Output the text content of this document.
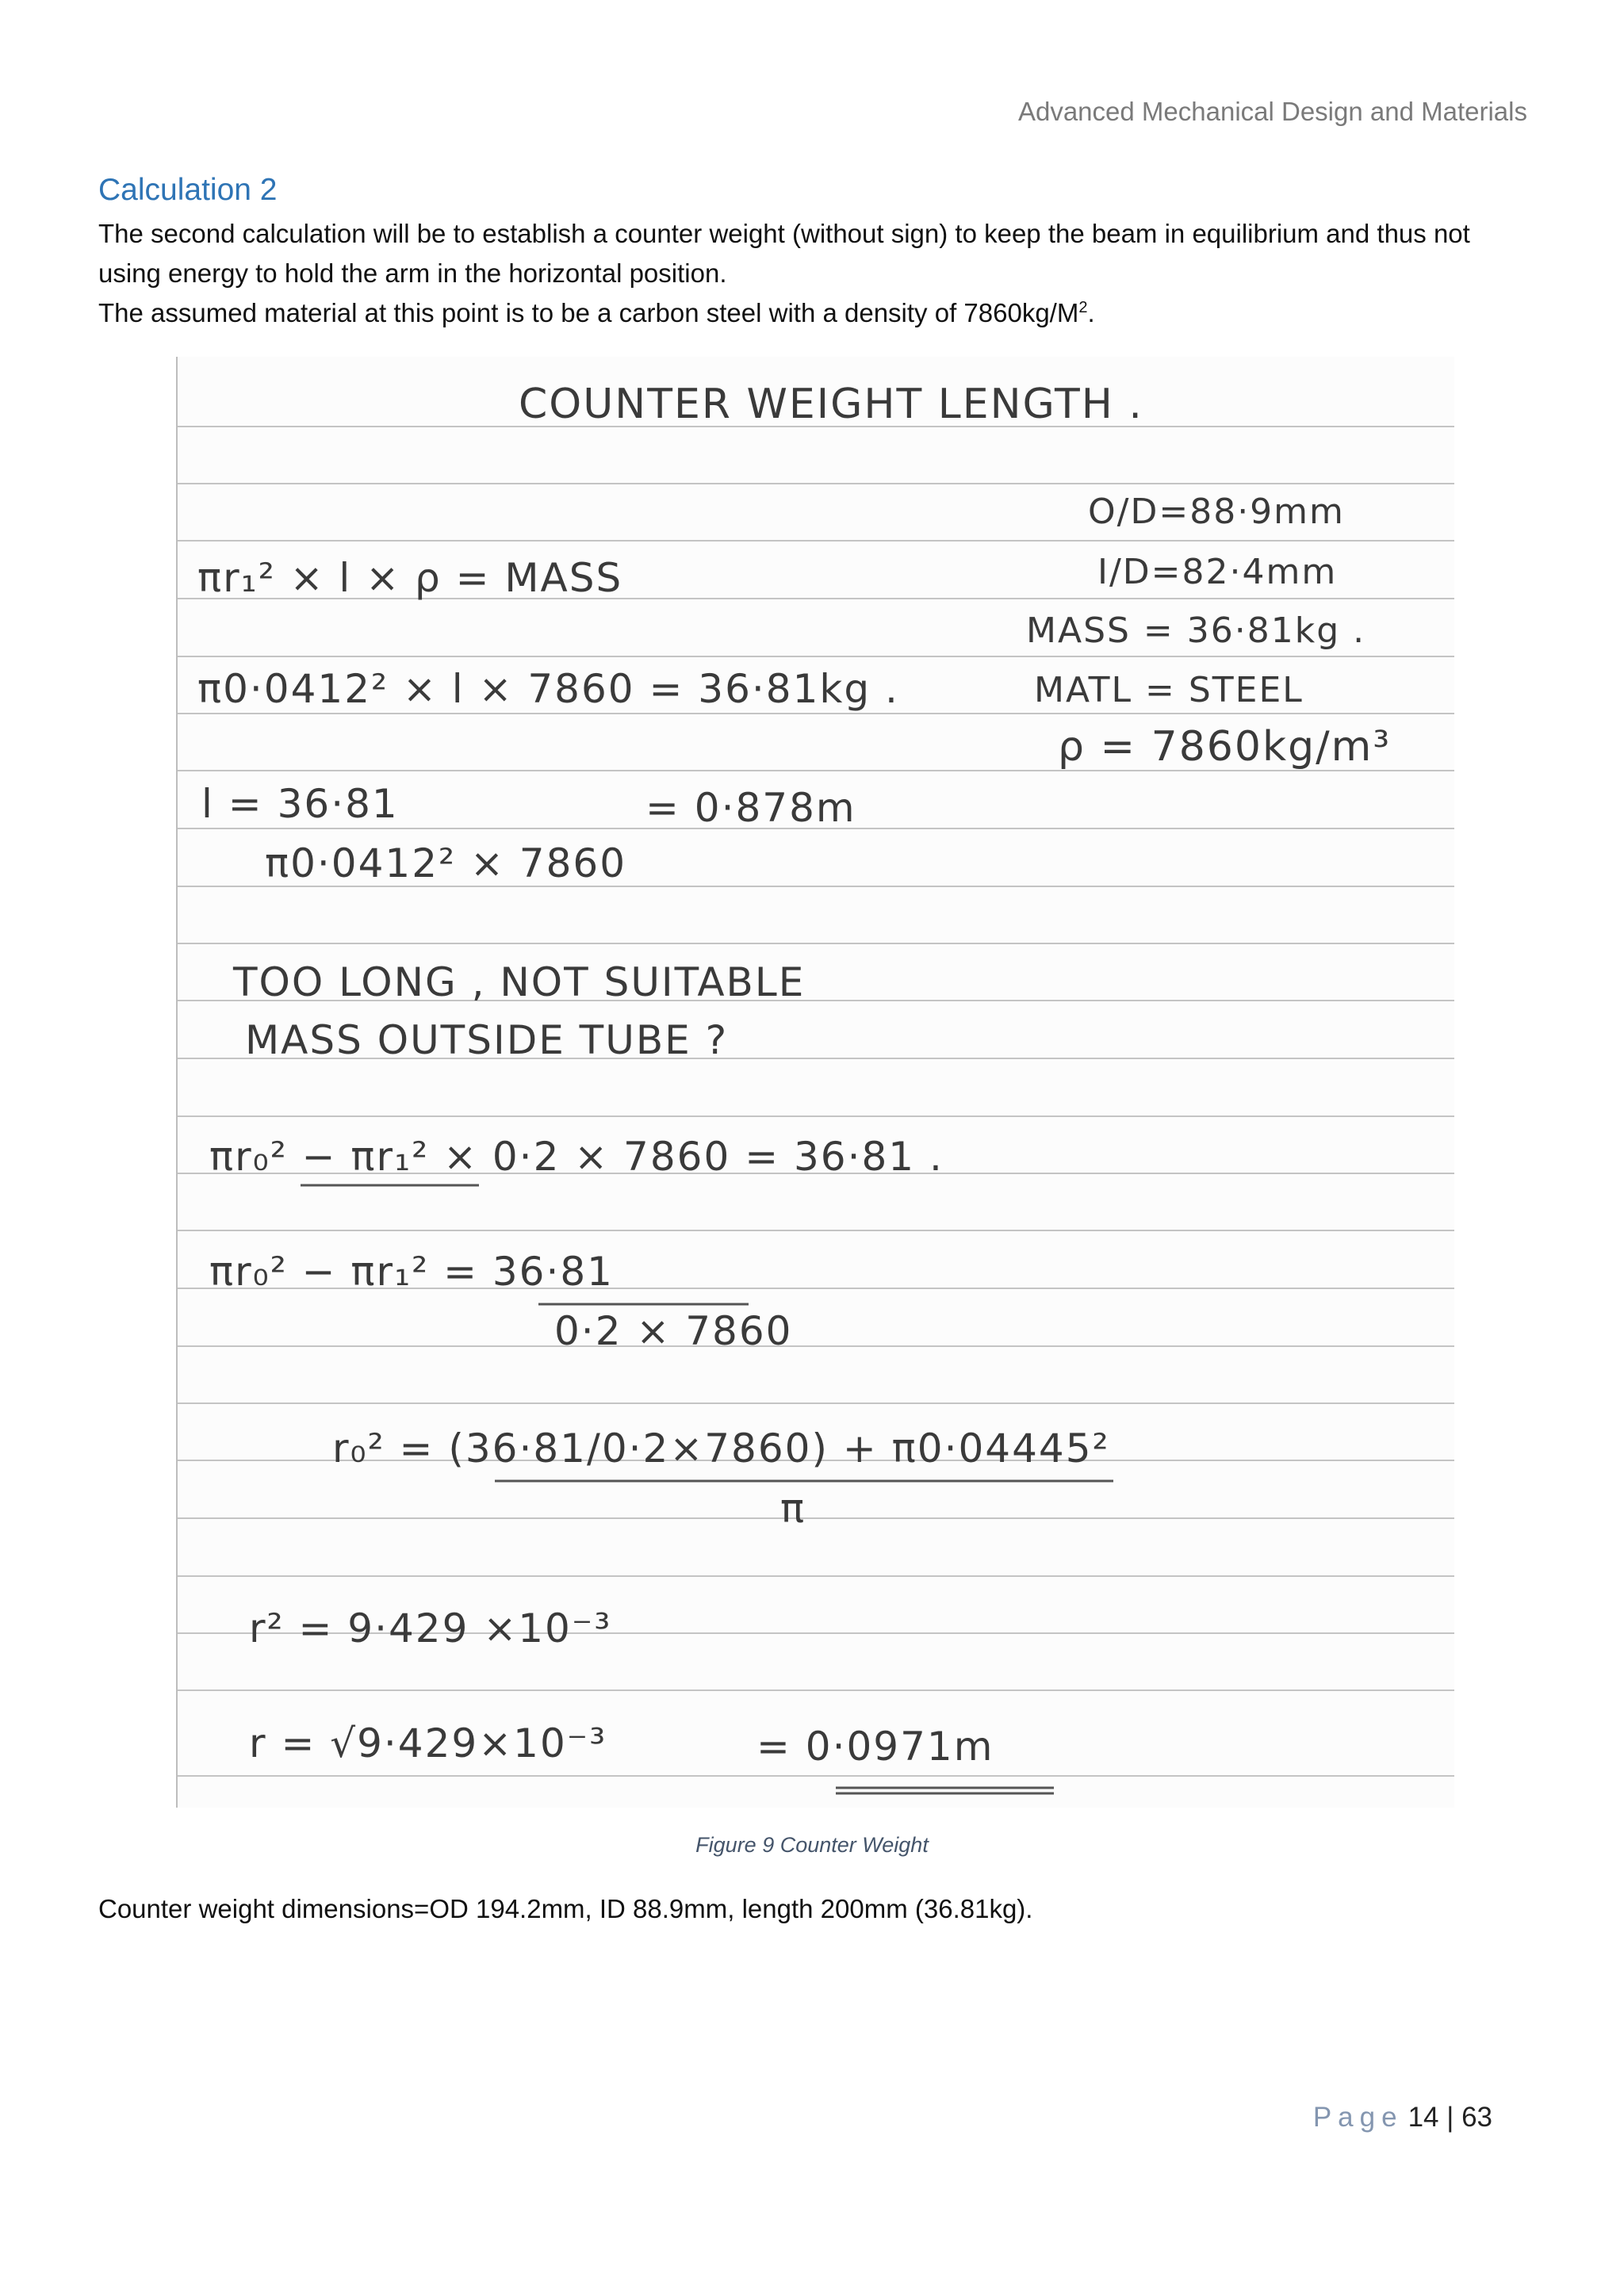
Advanced Mechanical Design and Materials
Calculation 2
The second calculation will be to establish a counter weight (without sign) to keep the beam in equilibrium and thus not using energy to hold the arm in the horizontal position.
The assumed material at this point is to be a carbon steel with a density of $7860kg/M^2$.
COUNTER WEIGHT LENGTH .
O/D=88·9mm
I/D=82·4mm
MASS = 36·81kg .
MATL = STEEL
ρ = 7860kg/m³
πr₁² × l × ρ = MASS
π0·0412² × l × 7860 = 36·81kg .
l = 36·81	= 0·878m
π0·0412² × 7860
TOO LONG , NOT SUITABLE
MASS OUTSIDE TUBE ?
πr₀² − πr₁² × 0·2 × 7860 = 36·81 .
πr₀² − πr₁² = 36·81
0·2 × 7860
r₀² = (36·81/0·2×7860) + π0·04445²
π
r² = 9·429 ×10⁻³
r = √9·429×10⁻³	= 0·0971m
Figure 9 Counter Weight
Counter weight dimensions=OD 194.2mm, ID 88.9mm, length 200mm (36.81kg).
Page 14 | 63
